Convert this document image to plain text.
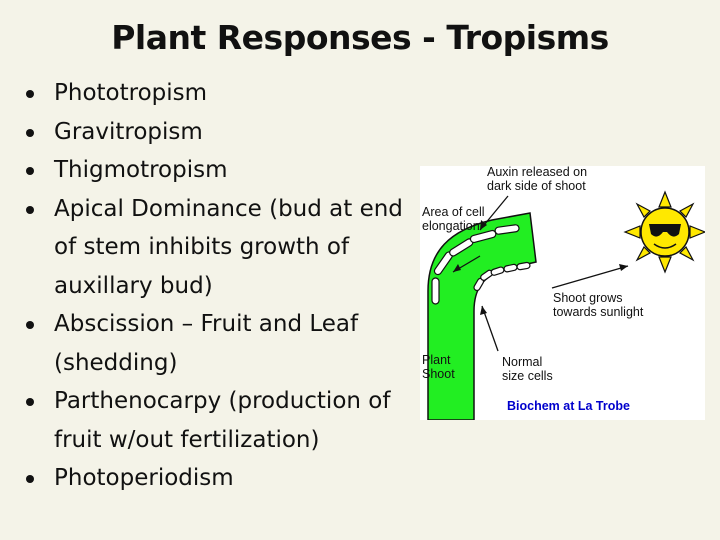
Plant Responses - Tropisms
Phototropism
Gravitropism
Thigmotropism
Apical Dominance (bud at end of stem inhibits growth of auxillary bud)
Abscission – Fruit and Leaf (shedding)
Parthenocarpy (production of fruit w/out fertilization)
Photoperiodism
Auxin released on
dark side of shoot
Area of cell
elongation
Shoot grows
towards sunlight
Plant
Shoot
Normal
size cells
Biochem at La Trobe
